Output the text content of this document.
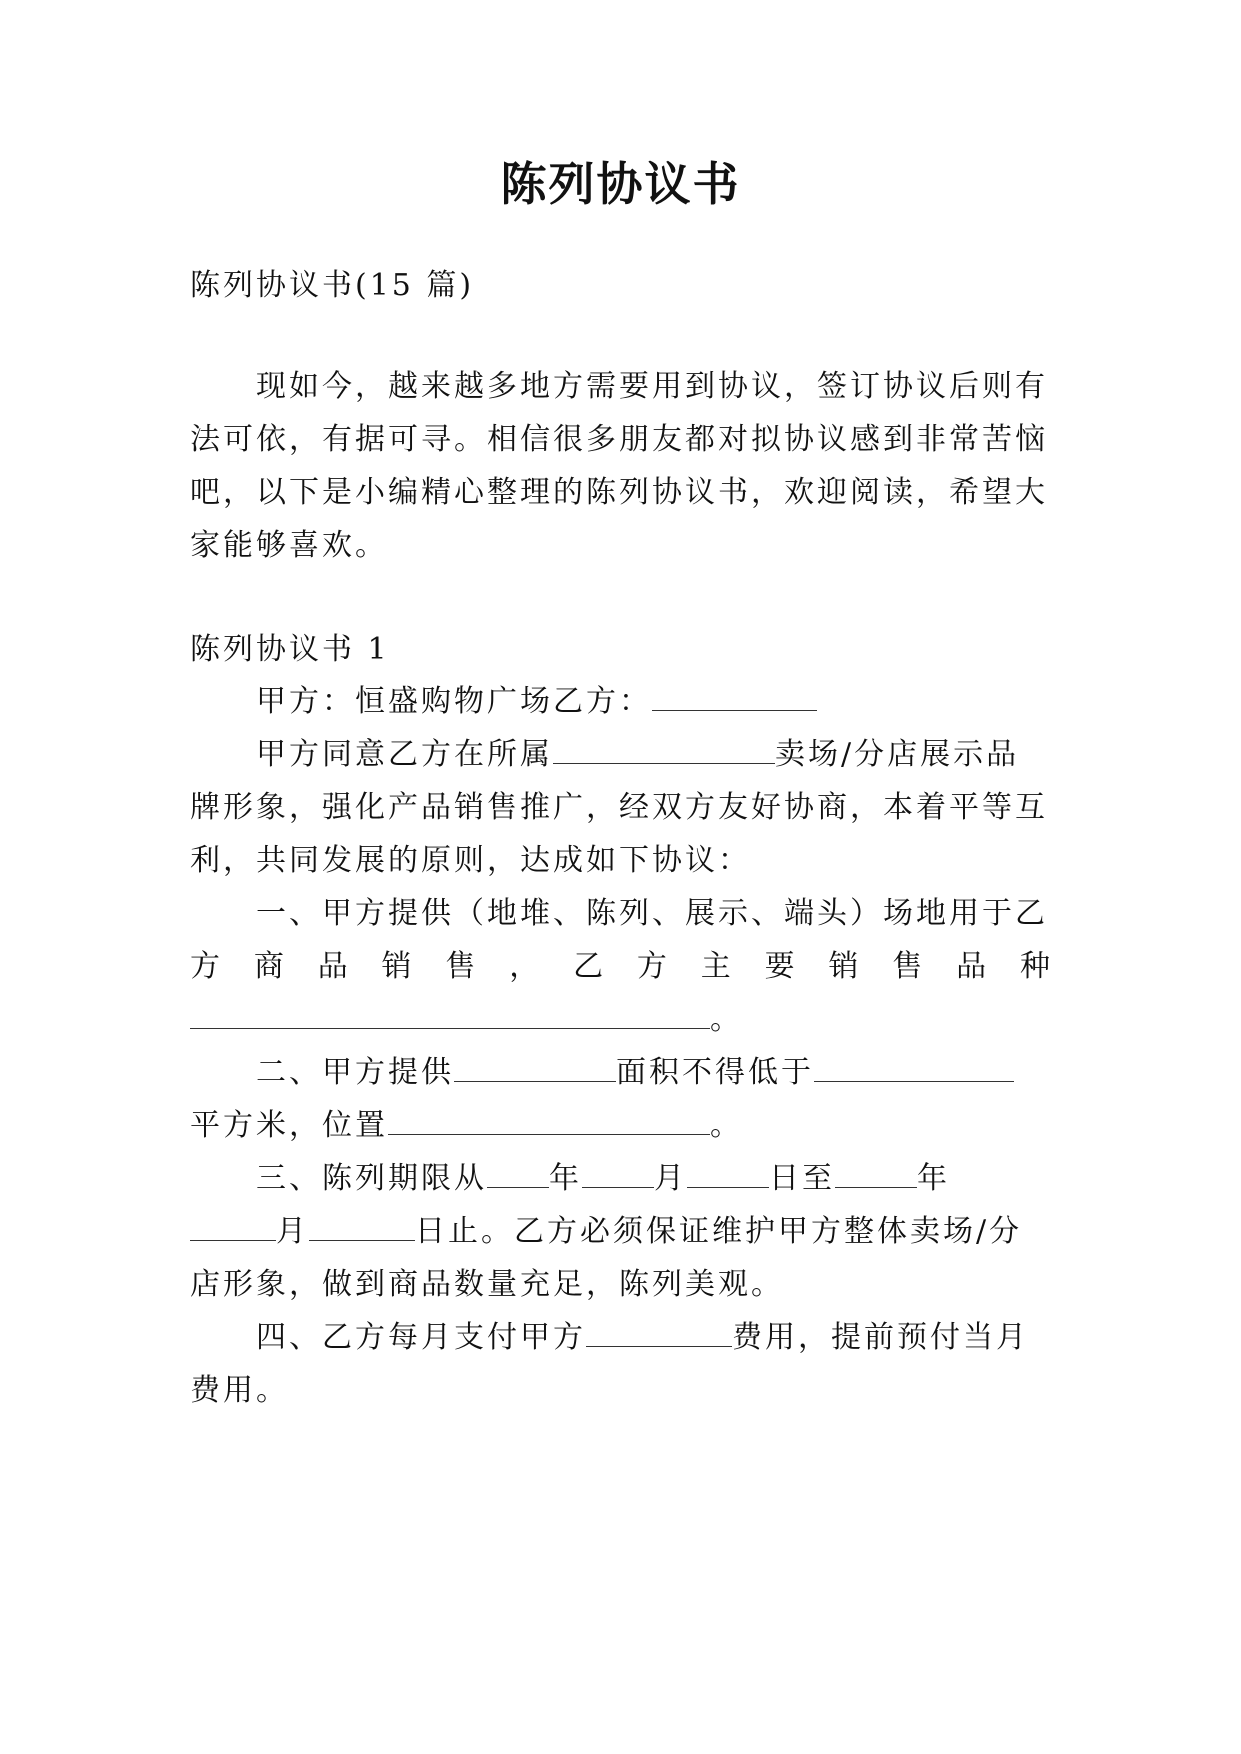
陈列协议书
陈列协议书(15 篇)
现如今，越来越多地方需要用到协议，签订协议后则有
法可依，有据可寻。相信很多朋友都对拟协议感到非常苦恼
吧，以下是小编精心整理的陈列协议书，欢迎阅读，希望大
家能够喜欢。
陈列协议书 1
甲方：恒盛购物广场乙方：
甲方同意乙方在所属	卖场/分店展示品
牌形象，强化产品销售推广，经双方友好协商，本着平等互
利，共同发展的原则，达成如下协议：
一、甲方提供（地堆、陈列、展示、端头）场地用于乙
方 商 品 销 售 ， 乙 方 主 要 销 售 品 种
。
二、甲方提供	面积不得低于
平方米，位置	。
三、陈列期限从 年 月	日至	年
月	日止。乙方必须保证维护甲方整体卖场/分
店形象，做到商品数量充足，陈列美观。
四、乙方每月支付甲方	费用，提前预付当月
费用。
